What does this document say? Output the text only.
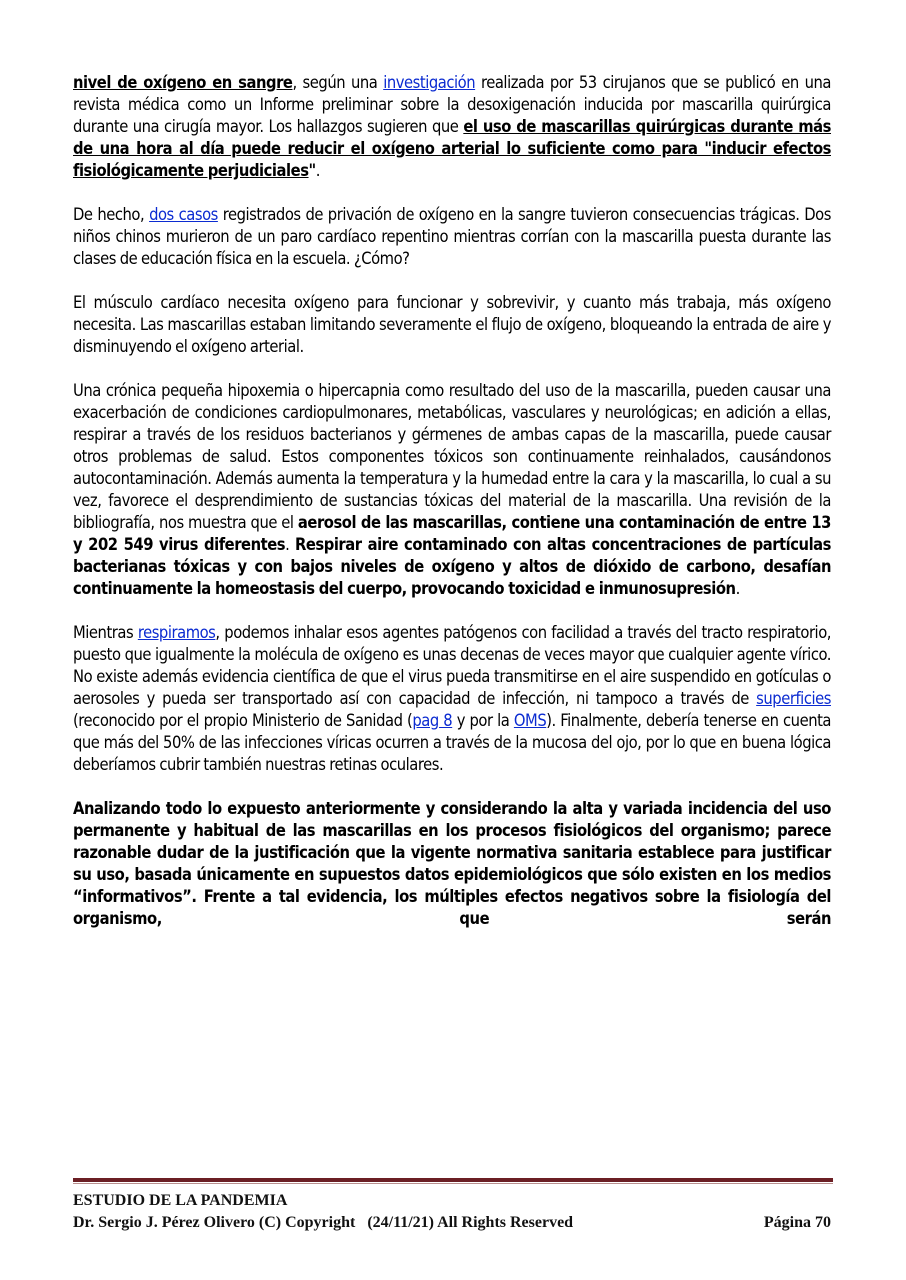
nivel de oxígeno en sangre, según una investigación realizada por 53 cirujanos que se publicó en una revista médica como un Informe preliminar sobre la desoxigenación inducida por mascarilla quirúrgica durante una cirugía mayor. Los hallazgos sugieren que el uso de mascarillas quirúrgicas durante más de una hora al día puede reducir el oxígeno arterial lo suficiente como para "inducir efectos fisiológicamente perjudiciales".

De hecho, dos casos registrados de privación de oxígeno en la sangre tuvieron consecuencias trágicas. Dos niños chinos murieron de un paro cardíaco repentino mientras corrían con la mascarilla puesta durante las clases de educación física en la escuela. ¿Cómo?

El músculo cardíaco necesita oxígeno para funcionar y sobrevivir, y cuanto más trabaja, más oxígeno necesita. Las mascarillas estaban limitando severamente el flujo de oxígeno, bloqueando la entrada de aire y disminuyendo el oxígeno arterial.

Una crónica pequeña hipoxemia o hipercapnia como resultado del uso de la mascarilla, pueden causar una exacerbación de condiciones cardiopulmonares, metabólicas, vasculares y neurológicas; en adición a ellas, respirar a través de los residuos bacterianos y gérmenes de ambas capas de la mascarilla, puede causar otros problemas de salud. Estos componentes tóxicos son continuamente reinhalados, causándonos autocontaminación. Además aumenta la temperatura y la humedad entre la cara y la mascarilla, lo cual a su vez, favorece el desprendimiento de sustancias tóxicas del material de la mascarilla. Una revisión de la bibliografía, nos muestra que el aerosol de las mascarillas, contiene una contaminación de entre 13 y 202 549 virus diferentes. Respirar aire contaminado con altas concentraciones de partículas bacterianas tóxicas y con bajos niveles de oxígeno y altos de dióxido de carbono, desafían continuamente la homeostasis del cuerpo, provocando toxicidad e inmunosupresión.

Mientras respiramos, podemos inhalar esos agentes patógenos con facilidad a través del tracto respiratorio, puesto que igualmente la molécula de oxígeno es unas decenas de veces mayor que cualquier agente vírico. No existe además evidencia científica de que el virus pueda transmitirse en el aire suspendido en gotículas o aerosoles y pueda ser transportado así con capacidad de infección, ni tampoco a través de superficies (reconocido por el propio Ministerio de Sanidad (pag 8 y por la OMS). Finalmente, debería tenerse en cuenta que más del 50% de las infecciones víricas ocurren a través de la mucosa del ojo, por lo que en buena lógica deberíamos cubrir también nuestras retinas oculares.

Analizando todo lo expuesto anteriormente y considerando la alta y variada incidencia del uso permanente y habitual de las mascarillas en los procesos fisiológicos del organismo; parece razonable dudar de la justificación que la vigente normativa sanitaria establece para justificar su uso, basada únicamente en supuestos datos epidemiológicos que sólo existen en los medios “informativos”. Frente a tal evidencia, los múltiples efectos negativos sobre la fisiología del organismo, que serán

ESTUDIO DE LA PANDEMIA
Dr. Sergio J. Pérez Olivero (C) Copyright   (24/11/21) All Rights Reserved	Página 70
